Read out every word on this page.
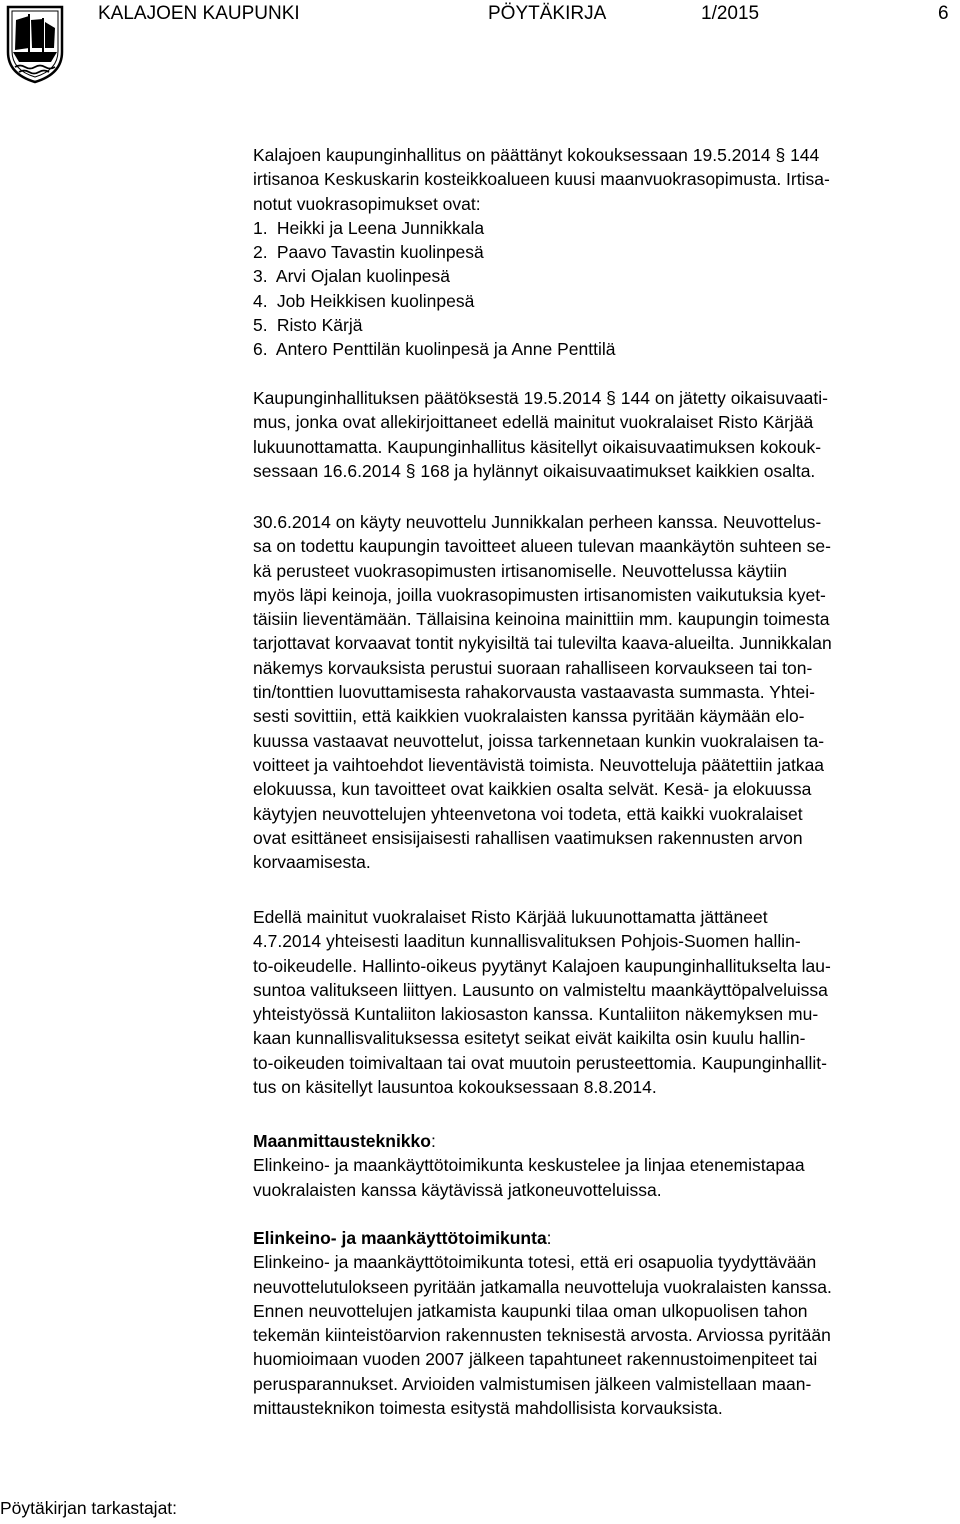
KALAJOEN KAUPUNKI	PÖYTÄKIRJA	1/2015	6
Kalajoen kaupunginhallitus on päättänyt kokouksessaan 19.5.2014 § 144
irtisanoa Keskuskarin kosteikkoalueen kuusi maanvuokrasopimusta. Irtisa-
notut vuokrasopimukset ovat:
1. Heikki ja Leena Junnikkala
2. Paavo Tavastin kuolinpesä
3. Arvi Ojalan kuolinpesä
4. Job Heikkisen kuolinpesä
5. Risto Kärjä
6. Antero Penttilän kuolinpesä ja Anne Penttilä
Kaupunginhallituksen päätöksestä 19.5.2014 § 144 on jätetty oikaisuvaati-
mus, jonka ovat allekirjoittaneet edellä mainitut vuokralaiset Risto Kärjää
lukuunottamatta. Kaupunginhallitus käsitellyt oikaisuvaatimuksen kokouk-
sessaan 16.6.2014 § 168 ja hylännyt oikaisuvaatimukset kaikkien osalta.
30.6.2014 on käyty neuvottelu Junnikkalan perheen kanssa. Neuvottelus-
sa on todettu kaupungin tavoitteet alueen tulevan maankäytön suhteen se-
kä perusteet vuokrasopimusten irtisanomiselle. Neuvottelussa käytiin
myös läpi keinoja, joilla vuokrasopimusten irtisanomisten vaikutuksia kyet-
täisiin lieventämään. Tällaisina keinoina mainittiin mm. kaupungin toimesta
tarjottavat korvaavat tontit nykyisiltä tai tulevilta kaava-alueilta. Junnikkalan
näkemys korvauksista perustui suoraan rahalliseen korvaukseen tai ton-
tin/tonttien luovuttamisesta rahakorvausta vastaavasta summasta. Yhtei-
sesti sovittiin, että kaikkien vuokralaisten kanssa pyritään käymään elo-
kuussa vastaavat neuvottelut, joissa tarkennetaan kunkin vuokralaisen ta-
voitteet ja vaihtoehdot lieventävistä toimista. Neuvotteluja päätettiin jatkaa
elokuussa, kun tavoitteet ovat kaikkien osalta selvät. Kesä- ja elokuussa
käytyjen neuvottelujen yhteenvetona voi todeta, että kaikki vuokralaiset
ovat esittäneet ensisijaisesti rahallisen vaatimuksen rakennusten arvon
korvaamisesta.
Edellä mainitut vuokralaiset Risto Kärjää lukuunottamatta jättäneet
4.7.2014 yhteisesti laaditun kunnallisvalituksen Pohjois-Suomen hallin-
to-oikeudelle. Hallinto-oikeus pyytänyt Kalajoen kaupunginhallitukselta lau-
suntoa valitukseen liittyen. Lausunto on valmisteltu maankäyttöpalveluissa
yhteistyössä Kuntaliiton lakiosaston kanssa. Kuntaliiton näkemyksen mu-
kaan kunnallisvalituksessa esitetyt seikat eivät kaikilta osin kuulu hallin-
to-oikeuden toimivaltaan tai ovat muutoin perusteettomia. Kaupunginhallit-
tus on käsitellyt lausuntoa kokouksessaan 8.8.2014.
Maanmittausteknikko:
Elinkeino- ja maankäyttötoimikunta keskustelee ja linjaa etenemistapaa
vuokralaisten kanssa käytävissä jatkoneuvotteluissa.
Elinkeino- ja maankäyttötoimikunta:
Elinkeino- ja maankäyttötoimikunta totesi, että eri osapuolia tyydyttävään
neuvottelutulokseen pyritään jatkamalla neuvotteluja vuokralaisten kanssa.
Ennen neuvottelujen jatkamista kaupunki tilaa oman ulkopuolisen tahon
tekemän kiinteistöarvion rakennusten teknisestä arvosta. Arviossa pyritään
huomioimaan vuoden 2007 jälkeen tapahtuneet rakennustoimenpiteet tai
perusparannukset. Arvioiden valmistumisen jälkeen valmistellaan maan-
mittausteknikon toimesta esitystä mahdollisista korvauksista.
Pöytäkirjan tarkastajat:
